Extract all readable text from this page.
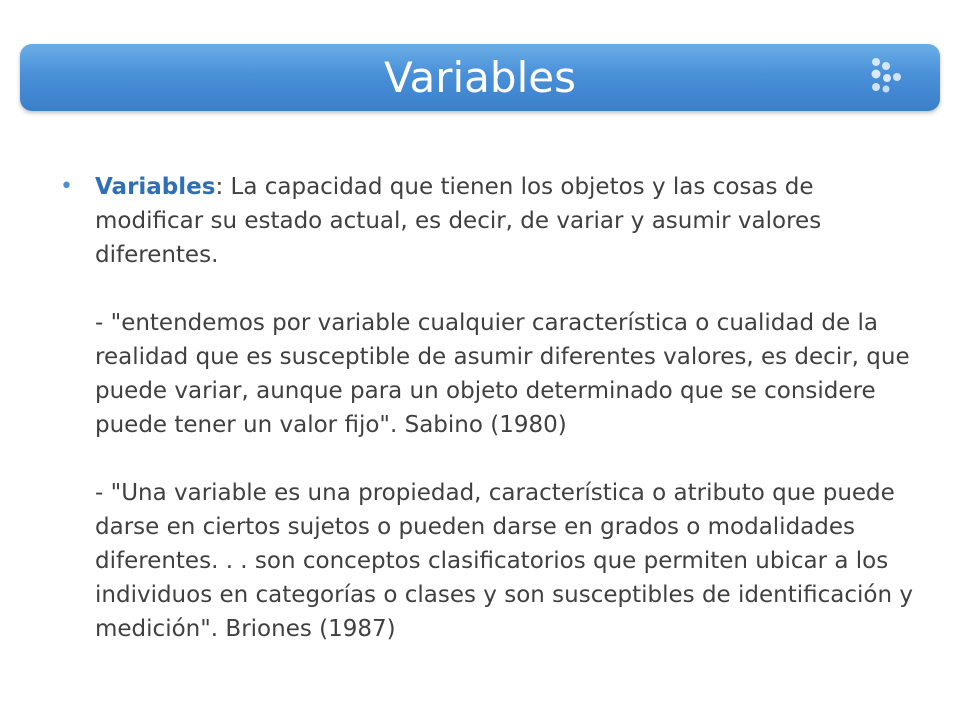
Variables
• Variables: La capacidad que tienen los objetos y las cosas de modificar su estado actual, es decir, de variar y asumir valores diferentes.
- "entendemos por variable cualquier característica o cualidad de la realidad que es susceptible de asumir diferentes valores, es decir, que puede variar, aunque para un objeto determinado que se considere puede tener un valor fijo". Sabino (1980)
- "Una variable es una propiedad, característica o atributo que puede darse en ciertos sujetos o pueden darse en grados o modalidades diferentes. . . son conceptos clasificatorios que permiten ubicar a los individuos en categorías o clases y son susceptibles de identificación y medición". Briones (1987)
